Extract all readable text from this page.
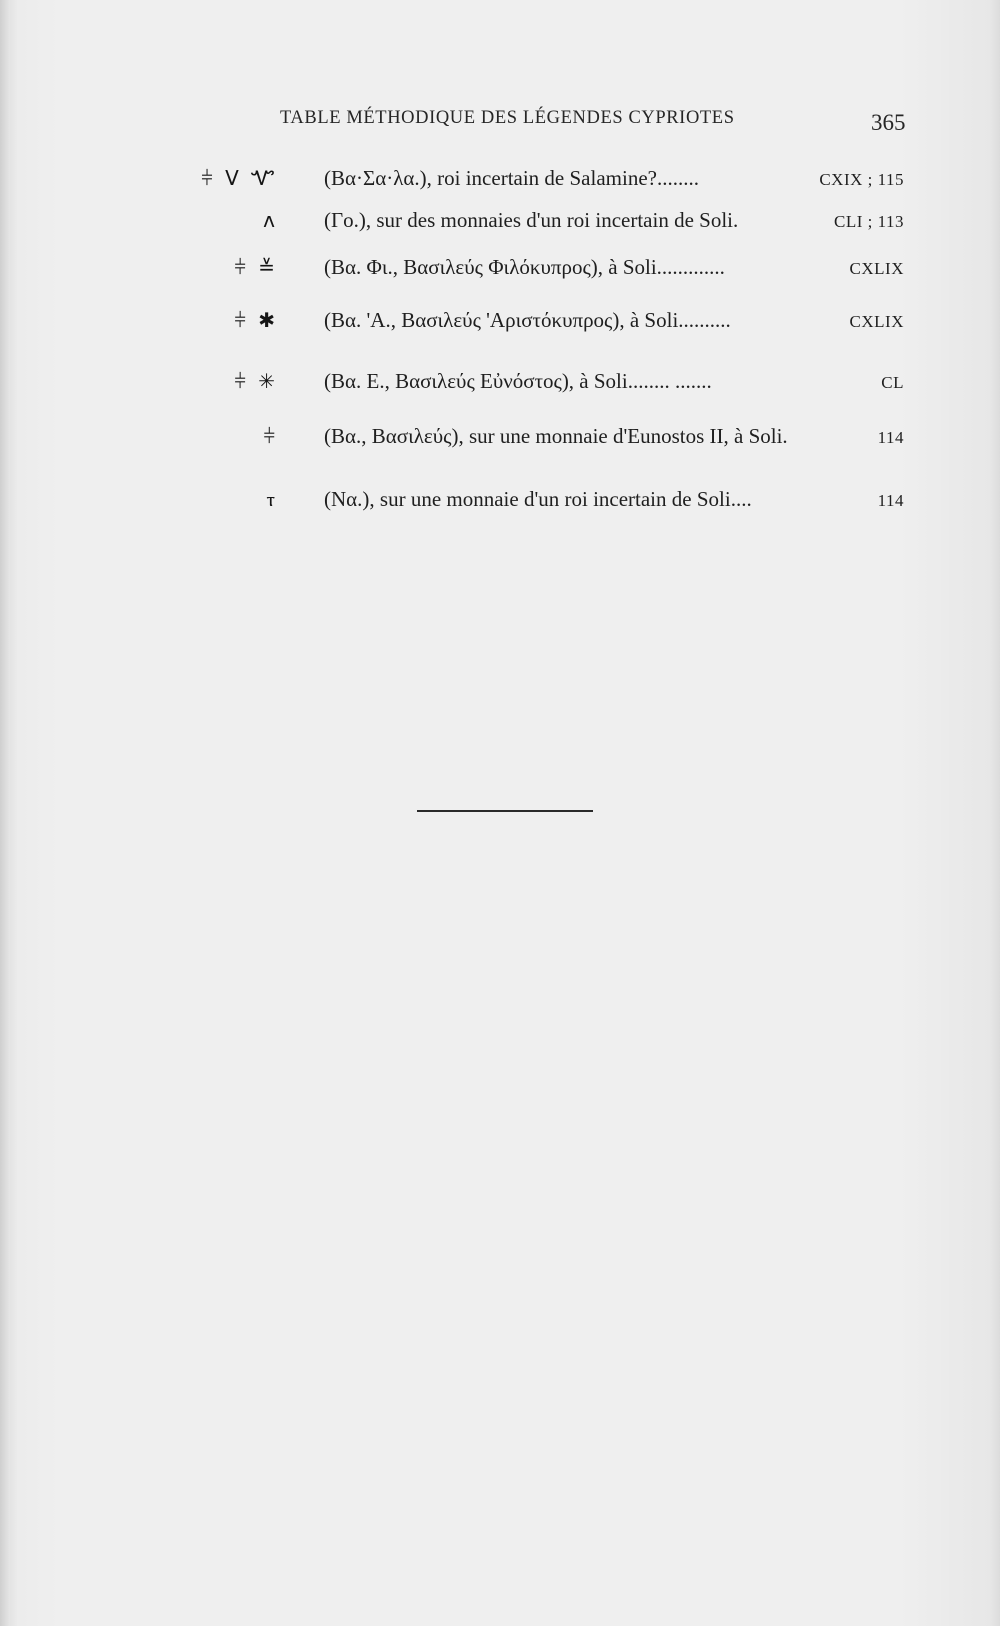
TABLE MÉTHODIQUE DES LÉGENDES CYPRIOTES	365
⫩ V Ꮙ (Βα·Σα·λα.), roi incertain de Salamine?........	CXIX ; 115
ʌ (Γο.), sur des monnaies d'un roi incertain de Soli.	CLI ; 113
⫩ ≚ (Βα. Φι., Βασιλεύς Φιλόκυπρος), à Soli.............	CXLIX
⫩ ✱ (Βα. 'Α., Βασιλεύς 'Αριστόκυπρος), à Soli..........	CXLIX
⫩ ✳ (Βα. Ε., Βασιλεύς Εὐνόστος), à Soli........ .......	CL
⫩ (Βα., Βασιλεύς), sur une monnaie d'Eunostos II, à Soli.	114
ⲧ (Να.), sur une monnaie d'un roi incertain de Soli....	114
